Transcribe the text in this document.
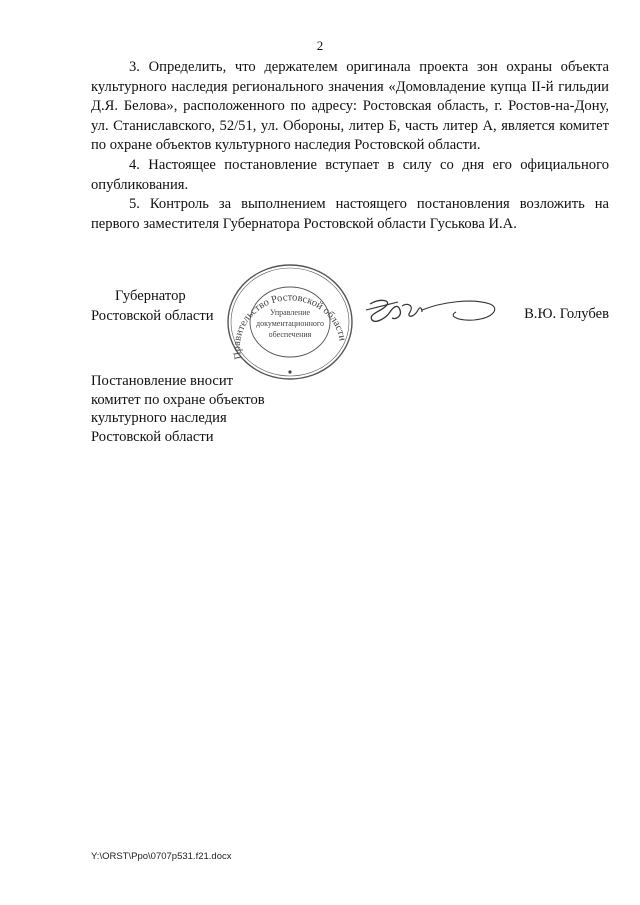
2

3. Определить, что держателем оригинала проекта зон охраны объекта культурного наследия регионального значения «Домовладение купца II-й гильдии Д.Я. Белова», расположенного по адресу: Ростовская область, г. Ростов-на-Дону, ул. Станиславского, 52/51, ул. Обороны, литер Б, часть литер А, является комитет по охране объектов культурного наследия Ростовской области.

4. Настоящее постановление вступает в силу со дня его официального опубликования.

5. Контроль за выполнением настоящего постановления возложить на первого заместителя Губернатора Ростовской области Гуськова И.А.

Губернатор
Ростовской области
Правительство Ростовской области
Управление
документационного
обеспечения
В.Ю. Голубев
Постановление вносит
комитет по охране объектов
культурного наследия
Ростовской области
Y:\ORST\Ppo\0707p531.f21.docx
